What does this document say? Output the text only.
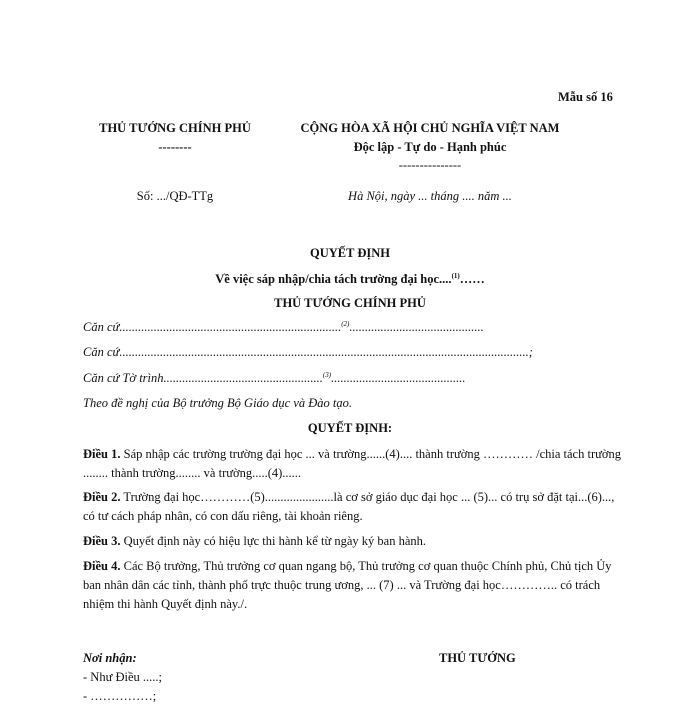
Mẫu số 16
THỦ TƯỚNG CHÍNH PHỦ
--------
CỘNG HÒA XÃ HỘI CHỦ NGHĨA VIỆT NAM
Độc lập - Tự do - Hạnh phúc
---------------
Số: .../QĐ-TTg	Hà Nội, ngày ... tháng .... năm ...
QUYẾT ĐỊNH
Về việc sáp nhập/chia tách trường đại học....$^{(1)}$……
THỦ TƯỚNG CHÍNH PHỦ
Căn cứ.......................................................................$^{(2)}$...........................................
Căn cứ...................................................................................................................................;
Căn cứ Tờ trình...................................................$^{(3)}$...........................................
Theo đề nghị của Bộ trưởng Bộ Giáo dục và Đào tạo.
QUYẾT ĐỊNH:
Điều 1. Sáp nhập các trường trường đại học ... và trường......(4).... thành trường ………… /chia tách trường ........ thành trường........ và trường.....(4)......
Điều 2. Trường đại học…………(5)......................là cơ sở giáo dục đại học ... (5)... có trụ sở đặt tại...(6)..., có tư cách pháp nhân, có con dấu riêng, tài khoản riêng.
Điều 3. Quyết định này có hiệu lực thi hành kể từ ngày ký ban hành.
Điều 4. Các Bộ trưởng, Thủ trưởng cơ quan ngang bộ, Thủ trưởng cơ quan thuộc Chính phủ, Chủ tịch Ủy ban nhân dân các tỉnh, thành phố trực thuộc trung ương, ... (7) ... và Trường đại học………….. có trách nhiệm thi hành Quyết định này./.
Nơi nhận:
- Như Điều .....;
- ……………;
THỦ TƯỚNG
